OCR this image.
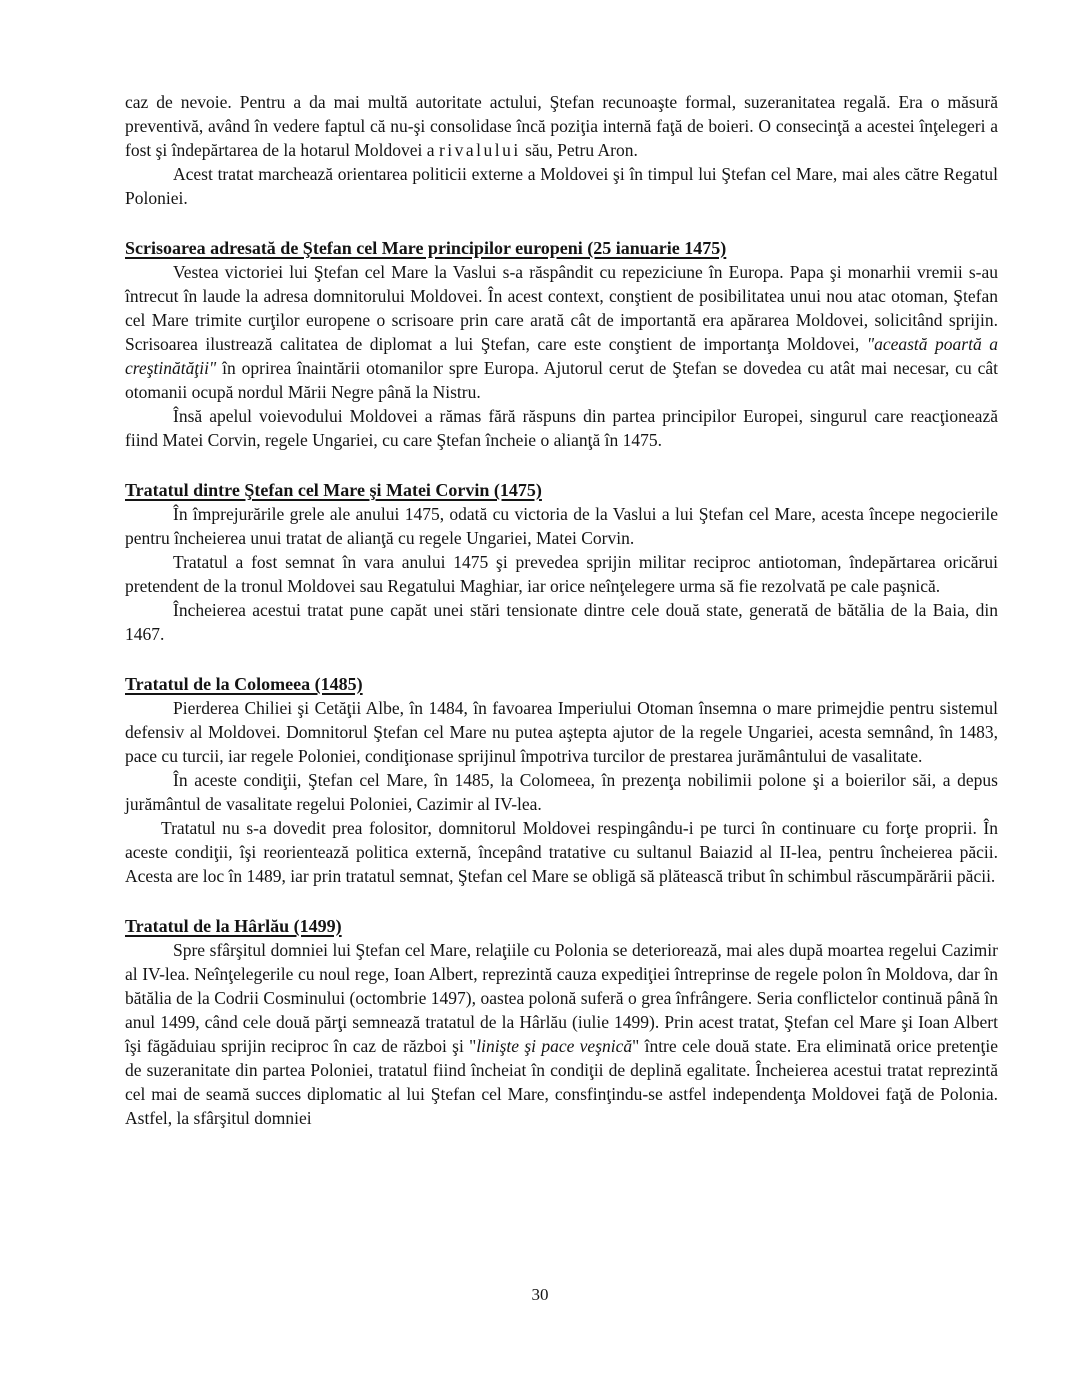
caz de nevoie. Pentru a da mai multă autoritate actului, Ştefan recunoaşte formal, suzeranitatea regală. Era o măsură preventivă, având în vedere faptul că nu-şi consolidase încă poziţia internă faţă de boieri. O consecinţă a acestei înţelegeri a fost şi îndepărtarea de la hotarul Moldovei a rivalului său, Petru Aron.

Acest tratat marchează orientarea politicii externe a Moldovei şi în timpul lui Ştefan cel Mare, mai ales către Regatul Poloniei.

Scrisoarea adresată de Ştefan cel Mare principilor europeni (25 ianuarie 1475)

Vestea victoriei lui Ştefan cel Mare la Vaslui s-a răspândit cu repeziciune în Europa. Papa şi monarhii vremii s-au întrecut în laude la adresa domnitorului Moldovei. În acest context, conştient de posibilitatea unui nou atac otoman, Ştefan cel Mare trimite curţilor europene o scrisoare prin care arată cât de importantă era apărarea Moldovei, solicitând sprijin. Scrisoarea ilustrează calitatea de diplomat a lui Ştefan, care este conştient de importanţa Moldovei, "această poartă a creştinătăţii" în oprirea înaintării otomanilor spre Europa. Ajutorul cerut de Ştefan se dovedea cu atât mai necesar, cu cât otomanii ocupă nordul Mării Negre până la Nistru.

Însă apelul voievodului Moldovei a rămas fără răspuns din partea principilor Europei, singurul care reacţionează fiind Matei Corvin, regele Ungariei, cu care Ştefan încheie o alianţă în 1475.

Tratatul dintre Ştefan cel Mare şi Matei Corvin (1475)

În împrejurările grele ale anului 1475, odată cu victoria de la Vaslui a lui Ştefan cel Mare, acesta începe negocierile pentru încheierea unui tratat de alianţă cu regele Ungariei, Matei Corvin.

Tratatul a fost semnat în vara anului 1475 şi prevedea sprijin militar reciproc antiotoman, îndepărtarea oricărui pretendent de la tronul Moldovei sau Regatului Maghiar, iar orice neînţelegere urma să fie rezolvată pe cale paşnică.

Încheierea acestui tratat pune capăt unei stări tensionate dintre cele două state, generată de bătălia de la Baia, din 1467.

Tratatul de la Colomeea (1485)

Pierderea Chiliei şi Cetăţii Albe, în 1484, în favoarea Imperiului Otoman însemna o mare primejdie pentru sistemul defensiv al Moldovei. Domnitorul Ştefan cel Mare nu putea aştepta ajutor de la regele Ungariei, acesta semnând, în 1483, pace cu turcii, iar regele Poloniei, condiţionase sprijinul împotriva turcilor de prestarea jurământului de vasalitate.

În aceste condiţii, Ştefan cel Mare, în 1485, la Colomeea, în prezenţa nobilimii polone şi a boierilor săi, a depus jurământul de vasalitate regelui Poloniei, Cazimir al IV-lea.

Tratatul nu s-a dovedit prea folositor, domnitorul Moldovei respingându-i pe turci în continuare cu forţe proprii. În aceste condiţii, îşi reorientează politica externă, începând tratative cu sultanul Baiazid al II-lea, pentru încheierea păcii. Acesta are loc în 1489, iar prin tratatul semnat, Ştefan cel Mare se obligă să plătească tribut în schimbul răscumpărării păcii.

Tratatul de la Hârlău (1499)

Spre sfârşitul domniei lui Ştefan cel Mare, relaţiile cu Polonia se deteriorează, mai ales după moartea regelui Cazimir al IV-lea. Neînţelegerile cu noul rege, Ioan Albert, reprezintă cauza expediţiei întreprinse de regele polon în Moldova, dar în bătălia de la Codrii Cosminului (octombrie 1497), oastea polonă suferă o grea înfrângere. Seria conflictelor continuă până în anul 1499, când cele două părţi semnează tratatul de la Hârlău (iulie 1499). Prin acest tratat, Ştefan cel Mare şi Ioan Albert îşi făgăduiau sprijin reciproc în caz de război şi "linişte şi pace veşnică" între cele două state. Era eliminată orice pretenţie de suzeranitate din partea Poloniei, tratatul fiind încheiat în condiţii de deplină egalitate. Încheierea acestui tratat reprezintă cel mai de seamă succes diplomatic al lui Ştefan cel Mare, consfinţindu-se astfel independenţa Moldovei faţă de Polonia. Astfel, la sfârşitul domniei

30
